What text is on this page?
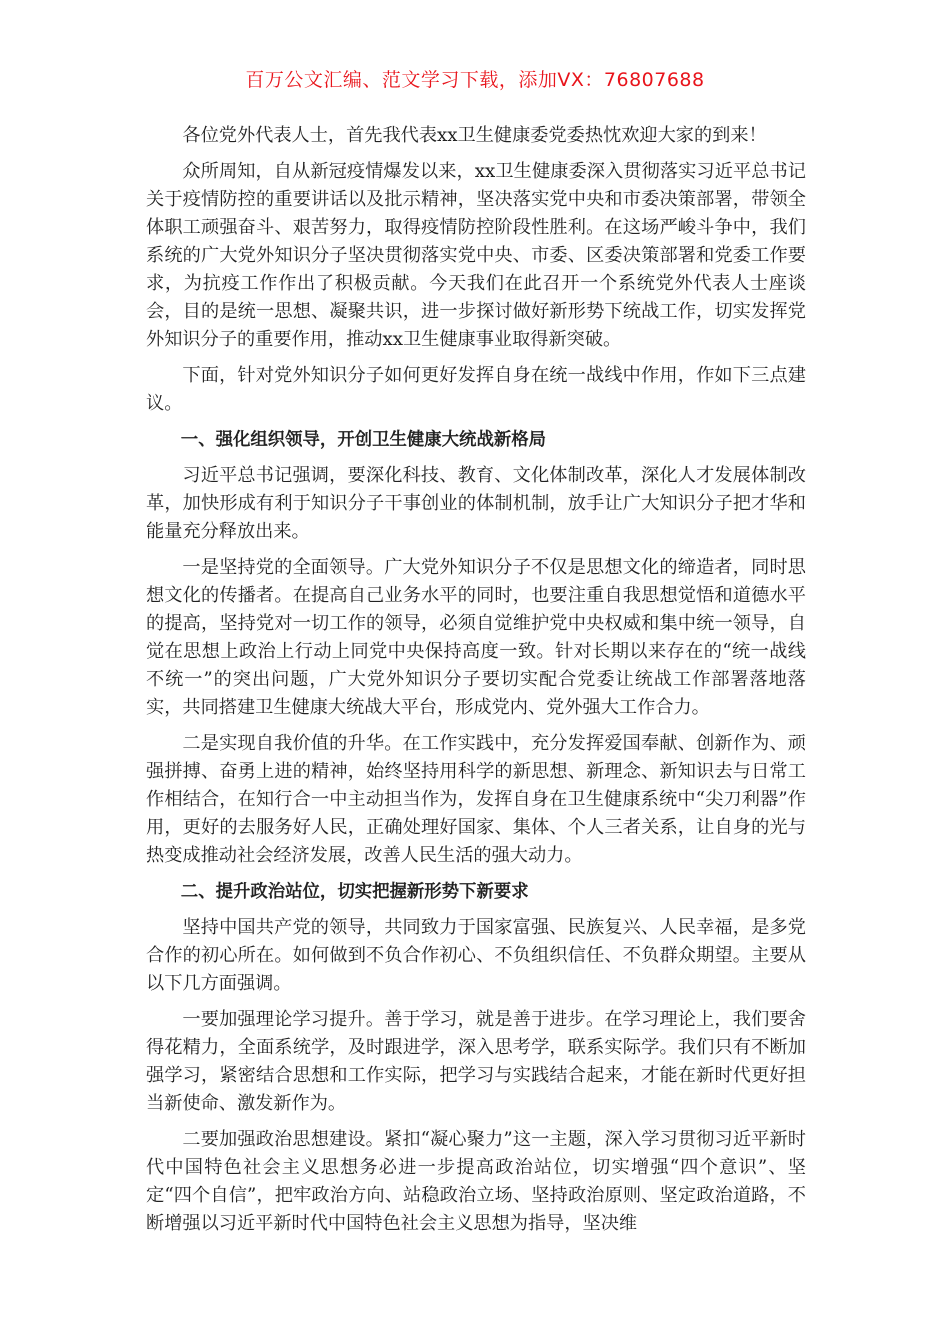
百万公文汇编、范文学习下载，添加VX：76807688

各位党外代表人士，首先我代表xx卫生健康委党委热忱欢迎大家的到来！

众所周知，自从新冠疫情爆发以来，xx卫生健康委深入贯彻落实习近平总书记关于疫情防控的重要讲话以及批示精神，坚决落实党中央和市委决策部署，带领全体职工顽强奋斗、艰苦努力，取得疫情防控阶段性胜利。在这场严峻斗争中，我们系统的广大党外知识分子坚决贯彻落实党中央、市委、区委决策部署和党委工作要求，为抗疫工作作出了积极贡献。今天我们在此召开一个系统党外代表人士座谈会，目的是统一思想、凝聚共识，进一步探讨做好新形势下统战工作，切实发挥党外知识分子的重要作用，推动xx卫生健康事业取得新突破。

下面，针对党外知识分子如何更好发挥自身在统一战线中作用，作如下三点建议。

一、强化组织领导，开创卫生健康大统战新格局

习近平总书记强调，要深化科技、教育、文化体制改革，深化人才发展体制改革，加快形成有利于知识分子干事创业的体制机制，放手让广大知识分子把才华和能量充分释放出来。

一是坚持党的全面领导。广大党外知识分子不仅是思想文化的缔造者，同时思想文化的传播者。在提高自己业务水平的同时，也要注重自我思想觉悟和道德水平的提高，坚持党对一切工作的领导，必须自觉维护党中央权威和集中统一领导，自觉在思想上政治上行动上同党中央保持高度一致。针对长期以来存在的“统一战线不统一”的突出问题，广大党外知识分子要切实配合党委让统战工作部署落地落实，共同搭建卫生健康大统战大平台，形成党内、党外强大工作合力。

二是实现自我价值的升华。在工作实践中，充分发挥爱国奉献、创新作为、顽强拼搏、奋勇上进的精神，始终坚持用科学的新思想、新理念、新知识去与日常工作相结合，在知行合一中主动担当作为，发挥自身在卫生健康系统中“尖刀利器”作用，更好的去服务好人民，正确处理好国家、集体、个人三者关系，让自身的光与热变成推动社会经济发展，改善人民生活的强大动力。

二、提升政治站位，切实把握新形势下新要求

坚持中国共产党的领导，共同致力于国家富强、民族复兴、人民幸福，是多党合作的初心所在。如何做到不负合作初心、不负组织信任、不负群众期望。主要从以下几方面强调。

一要加强理论学习提升。善于学习，就是善于进步。在学习理论上，我们要舍得花精力，全面系统学，及时跟进学，深入思考学，联系实际学。我们只有不断加强学习，紧密结合思想和工作实际，把学习与实践结合起来，才能在新时代更好担当新使命、激发新作为。

二要加强政治思想建设。紧扣“凝心聚力”这一主题，深入学习贯彻习近平新时代中国特色社会主义思想务必进一步提高政治站位，切实增强“四个意识”、坚定“四个自信”，把牢政治方向、站稳政治立场、坚持政治原则、坚定政治道路，不断增强以习近平新时代中国特色社会主义思想为指导，坚决维
